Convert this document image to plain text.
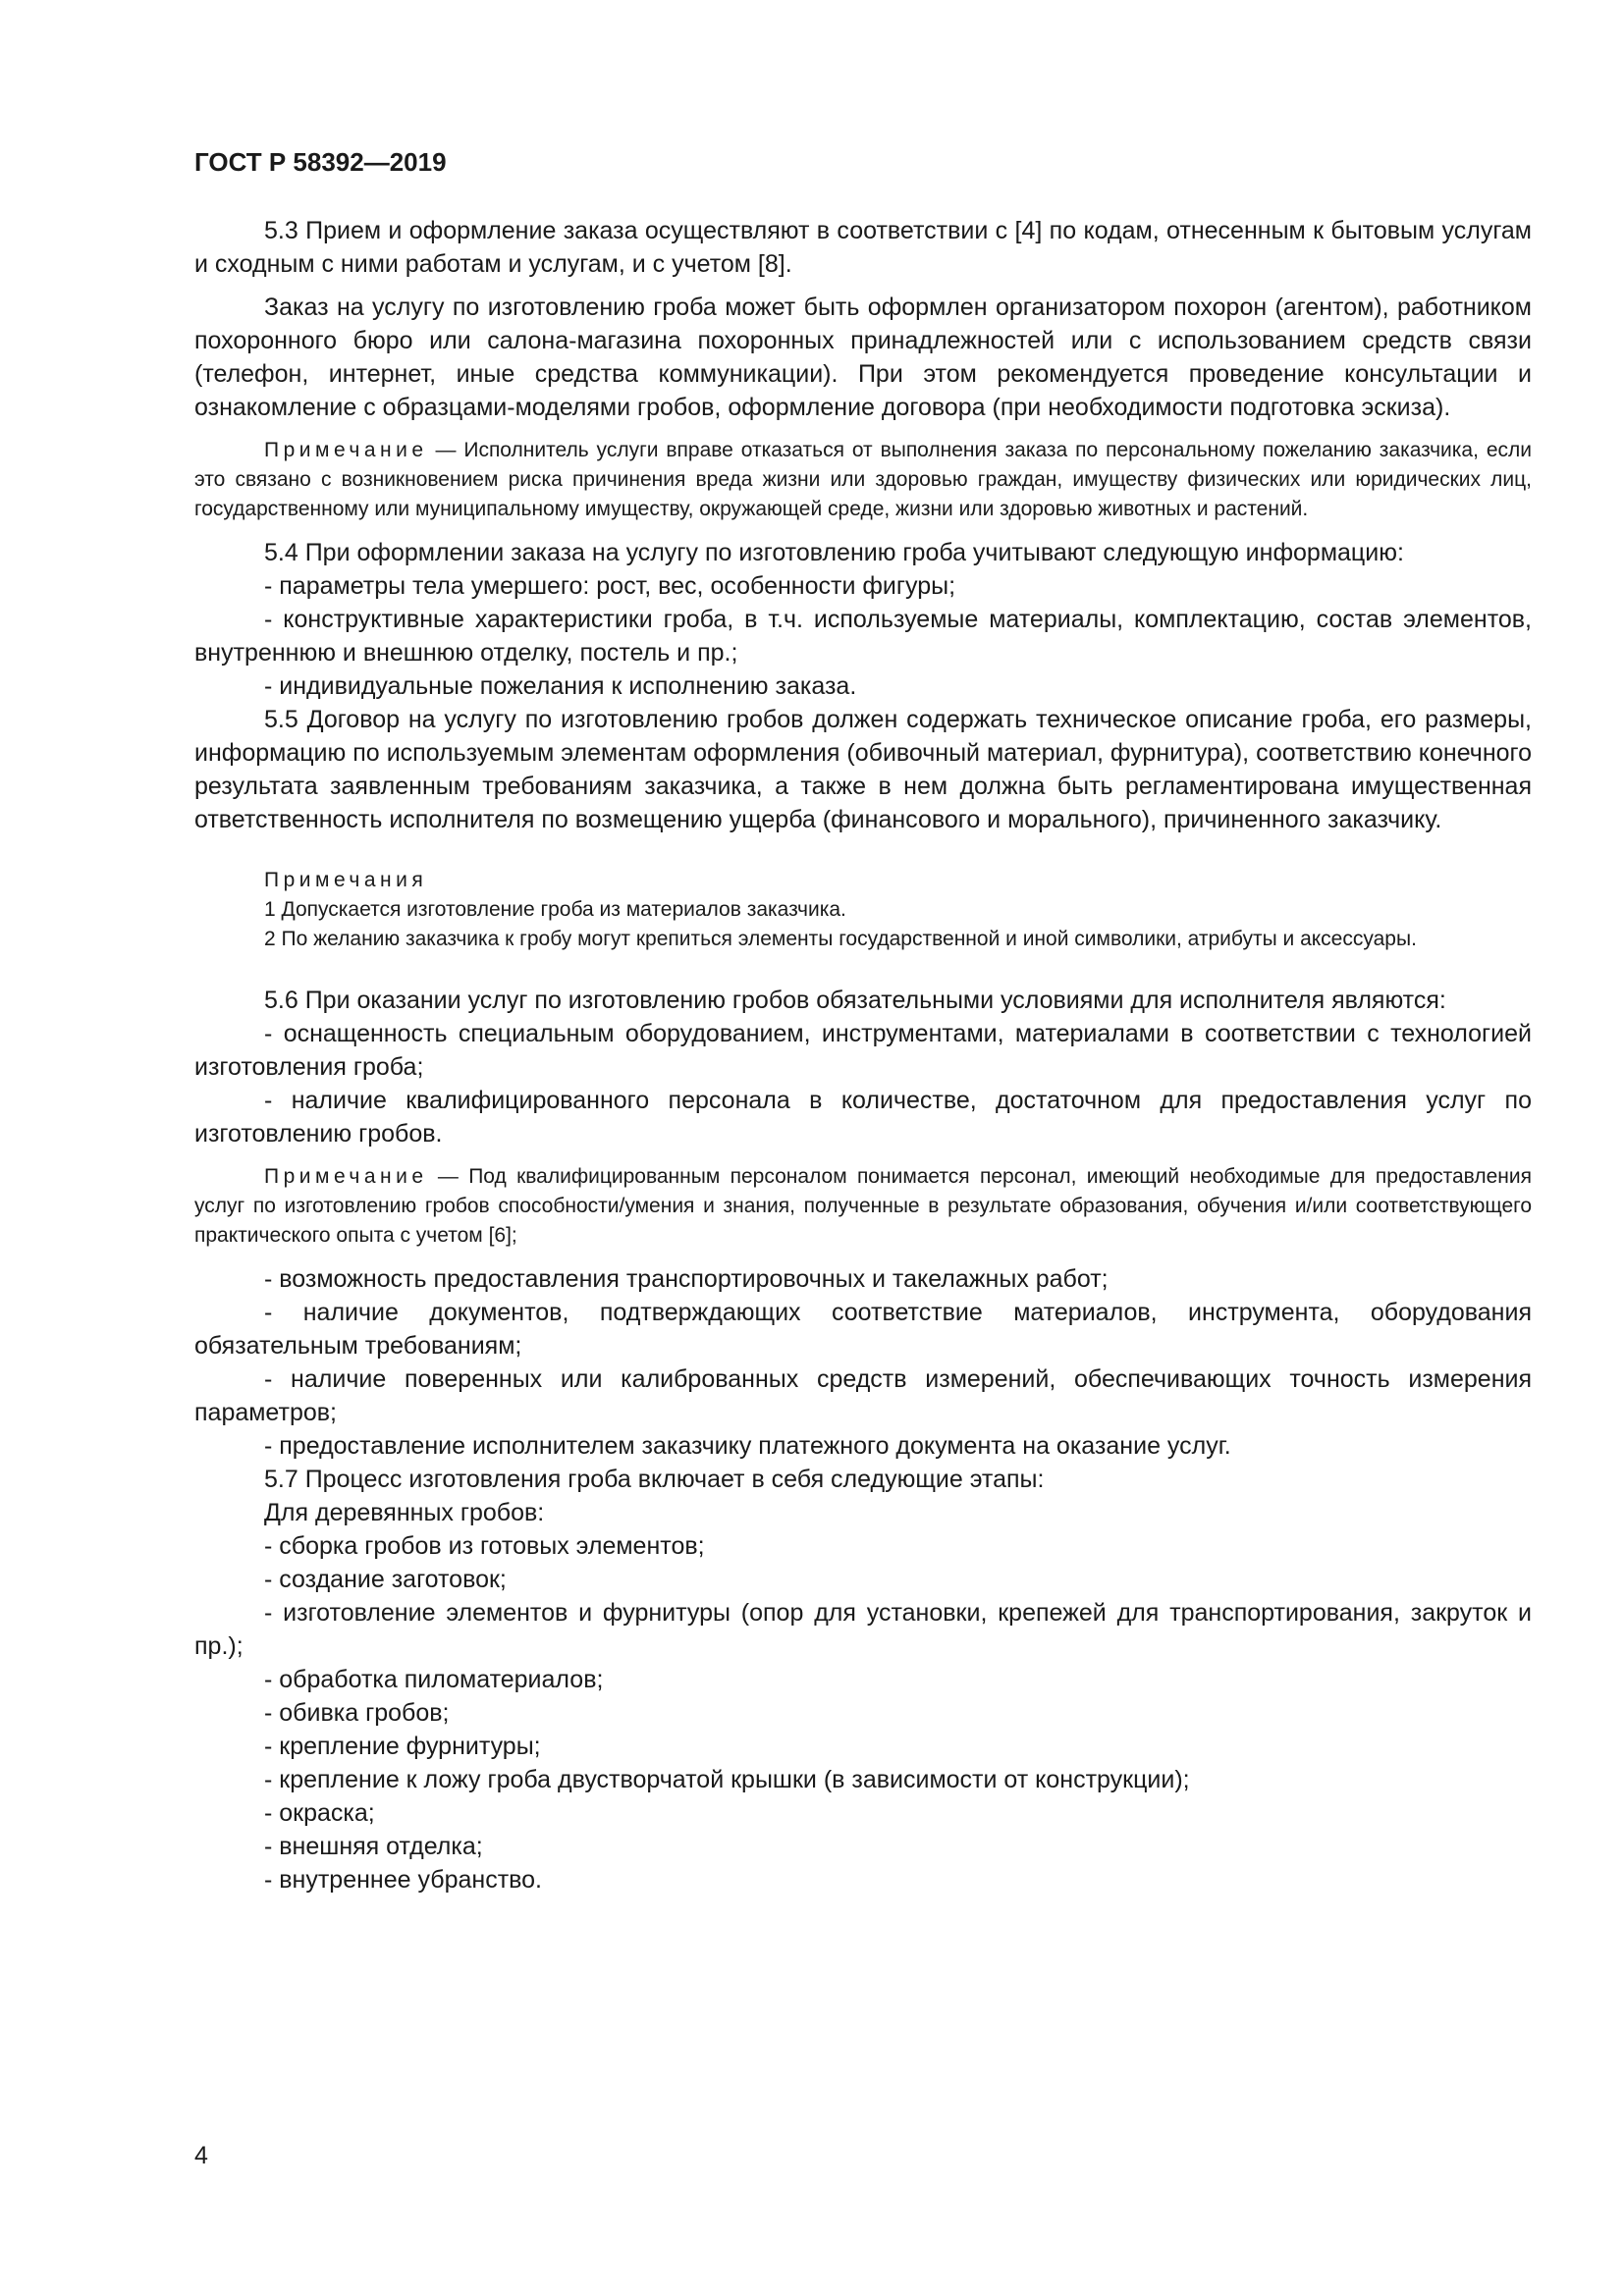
ГОСТ Р 58392—2019

5.3 Прием и оформление заказа осуществляют в соответствии с [4] по кодам, отнесенным к бытовым услугам и сходным с ними работам и услугам, и с учетом [8].

Заказ на услугу по изготовлению гроба может быть оформлен организатором похорон (агентом), работником похоронного бюро или салона-магазина похоронных принадлежностей или с использованием средств связи (телефон, интернет, иные средства коммуникации). При этом рекомендуется проведение консультации и ознакомление с образцами-моделями гробов, оформление договора (при необходимости подготовка эскиза).

Примечание — Исполнитель услуги вправе отказаться от выполнения заказа по персональному пожеланию заказчика, если это связано с возникновением риска причинения вреда жизни или здоровью граждан, имуществу физических или юридических лиц, государственному или муниципальному имуществу, окружающей среде, жизни или здоровью животных и растений.

5.4 При оформлении заказа на услугу по изготовлению гроба учитывают следующую информацию:

- параметры тела умершего: рост, вес, особенности фигуры;

- конструктивные характеристики гроба, в т.ч. используемые материалы, комплектацию, состав элементов, внутреннюю и внешнюю отделку, постель и пр.;

- индивидуальные пожелания к исполнению заказа.

5.5 Договор на услугу по изготовлению гробов должен содержать техническое описание гроба, его размеры, информацию по используемым элементам оформления (обивочный материал, фурнитура), соответствию конечного результата заявленным требованиям заказчика, а также в нем должна быть регламентирована имущественная ответственность исполнителя по возмещению ущерба (финансового и морального), причиненного заказчику.

Примечания

1 Допускается изготовление гроба из материалов заказчика.

2 По желанию заказчика к гробу могут крепиться элементы государственной и иной символики, атрибуты и аксессуары.

5.6 При оказании услуг по изготовлению гробов обязательными условиями для исполнителя являются:

- оснащенность специальным оборудованием, инструментами, материалами в соответствии с технологией изготовления гроба;

- наличие квалифицированного персонала в количестве, достаточном для предоставления услуг по изготовлению гробов.

Примечание — Под квалифицированным персоналом понимается персонал, имеющий необходимые для предоставления услуг по изготовлению гробов способности/умения и знания, полученные в результате образования, обучения и/или соответствующего практического опыта с учетом [6];

- возможность предоставления транспортировочных и такелажных работ;

- наличие документов, подтверждающих соответствие материалов, инструмента, оборудования обязательным требованиям;

- наличие поверенных или калиброванных средств измерений, обеспечивающих точность измерения параметров;

- предоставление исполнителем заказчику платежного документа на оказание услуг.

5.7 Процесс изготовления гроба включает в себя следующие этапы:

Для деревянных гробов:

- сборка гробов из готовых элементов;

- создание заготовок;

- изготовление элементов и фурнитуры (опор для установки, крепежей для транспортирования, закруток и пр.);

- обработка пиломатериалов;

- обивка гробов;

- крепление фурнитуры;

- крепление к ложу гроба двустворчатой крышки (в зависимости от конструкции);

- окраска;

- внешняя отделка;

- внутреннее убранство.

4
